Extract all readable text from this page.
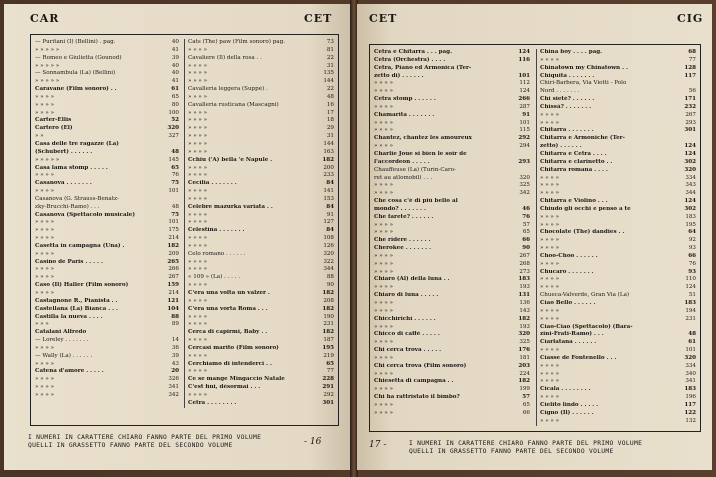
CAR	CET
— Puritani (I) (Bellini) . pag.	40
» » » » »	41
— Romeo e Giulietta (Gounod)	39
» » » » »	40
— Sonnambula (La) (Bellini)	40
» » » » »	41
Caravane (Film sonoro) . .	61
» » » »	65
» » » »	80
» » » »	100
Carter-Ellis	52
Cartero (El)	320
» »	327
Casa delle tre ragazze (La)
(Schubert) . . . . . .	48
» » » » »	145
Casa lama stomp . . . . .	65
» » » »	76
Casanova . . . . . . .	75
» » » »	101
Casanova (G. Strauss-Benatz-
zky-Brucchi-Ramo) . . .	48
Casanova (Spettacolo musicale)	75
» » » »	101
» » » »	175
» » » »	214
Casetta in campagna (Una) .	182
» » » »	209
Casino de Paris . . . . .	265
» » » »	266
» » » »	267
Caso (Il) Haller (Film sonoro)	159
» » » »	214
Castagnone R., Pianista . .	121
Castellana (La) Bianca . . .	104
Castilla la nueva . . . .	88
» » »	89
Catalani Alfredo
— Loreley . . . . . . .	14
» » » »	36
— Wally (La) . . . . . .	39
» » » »	43
Catena d'amore . . . . .	20
» » » »	326
» » » »	341
» » » »	342
Cats (The) paw (Film sonoro) pag.	73
» » » »	81
Cavaliere (Il) della rosa . .	22
» » » »	31
» » » »	135
» » » »	144
Cavalleria leggera (Suppè) .	22
» » » »	48
Cavalleria rusticana (Mascagni)	16
» » » »	17
» » » »	18
» » » »	29
» » » »	31
» » » »	144
» » » »	163
Cchiu ('A) bella 'e Napule .	182
» » » »	200
» » » »	233
Cecilia . . . . . . .	84
» » » »	141
» » » »	153
Celebre mazurka variata . .	84
» » » »	91
» » » »	127
Celestina . . . . . . .	84
» » » »	108
» » » »	126
Celo romano . . . . . .	320
» » » »	322
» » » »	344
« 109 » (La) . . . . .	88
» » » »	90
C'era una volta un valzer .	182
» » » »	208
C'era una vorta Roma . . .	182
» » » »	190
» » » »	231
Cerca di capirmi, Baby . .	182
» » » »	187
Cercasi marito (Film sonoro)	195
» » » »	219
Cerchiamo di intenderci . .	65
» » » »	77
Ce se mange Mingaccio Natale	228
C'est fini, désormai . . .	291
» » » »	292
Cetra . . . . . . . .	301
I NUMERI IN CARATTERE CHIARO FANNO PARTE DEL PRIMO VOLUME
QUELLI IN GRASSETTO FANNO PARTE DEL SECONDO VOLUME	- 16
CET	CIG
Cetra e Chitarra . . . pag.	124
Cetra (Orchestra) . . . .	116
Cetra, Piano ed Armonica (Ter-
zetto di) . . . . . .	101
» » » »	112
» » » »	124
Cetra stomp . . . . . .	266
» » » »	287
Chamarita . . . . . . .	91
» » » »	101
» » » »	115
Chantez, chantez les amoureux	292
» » » »	294
Charlie Joue si bien le soir de
l'accordeon . . . . .	293
Chauffeuse (La) (Turin-Caro-
ret au atlomobil) . . .	320
» » » »	325
» » » »	342
Che cosa c'è di più bello al
mondo? . . . . . . .	46
Che farete? . . . . . .	76
» » » »	57
» » » »	65
Che ridere . . . . . .	66
Cherokee . . . . . . .	90
» » » »	267
» » » »	268
» » » »	273
Chiaro (Al) della luna . .	183
» » » »	193
Chiaro di luna . . . . .	131
» » » »	136
» » » »	143
Chicchirichì . . . . . .	182
» » » »	193
Chicco di caffè . . . . .	320
» » » »	325
Chi cerca trova . . . . .	176
» » » »	181
Chi cerca trova (Film sonoro)	203
» » » »	224
Chiesetta di campagna . .	182
» » » »	199
Chi ha rattristato il bimbo?	57
» » » »	65
» » » »	66
China boy . . . . pag.	68
» » » »	77
Chinatown my Chinatown . .	128
Chiquita . . . . . . .	117
Chiri-Barbera, Via Viotti - Polo
Nord . . . . . . .	56
Chi sieté? . . . . . .	171
Chissà? . . . . . . .	232
» » » »	267
» » » »	293
Chitarra . . . . . . .	301
Chitarra e Armoniche (Ter-
zetto) . . . . . .	124
Chitarra e Cetra . . . .	124
Chitarra e clarinetto . .	302
Chitarra romana . . . .	320
» » » »	334
» » » »	343
» » » »	344
Chitarra e Violino . . .	124
Chiudo gli occhi e penso a te	302
» » » »	183
» » » »	195
Chocolate (The) dandies . .	64
» » » »	92
» » » »	93
Choo-Choo . . . . . .	66
» » » »	76
Chucaro . . . . . . .	93
» » » »	110
» » » »	124
Chueca-Valverde, Gran Via (La)	51
Ciao Bello . . . . . .	183
» » » »	194
» » » »	231
Ciao-Ciao (Spettacolo) (Bara-
zini-Frati-Ramo) . . .	48
Ciarlatana . . . . . .	61
» » » »	101
Ciasse de Fontenello . . .	320
» » » »	334
» » » »	340
» » » »	341
Cicala . . . . . . . .	183
» » » »	196
Cielito lindo . . . . .	117
Cigno (Il) . . . . . .	122
» » » »	132
17 -	I NUMERI IN CARATTERE CHIARO FANNO PARTE DEL PRIMO VOLUME
QUELLI IN GRASSETTO FANNO PARTE DEL SECONDO VOLUME
